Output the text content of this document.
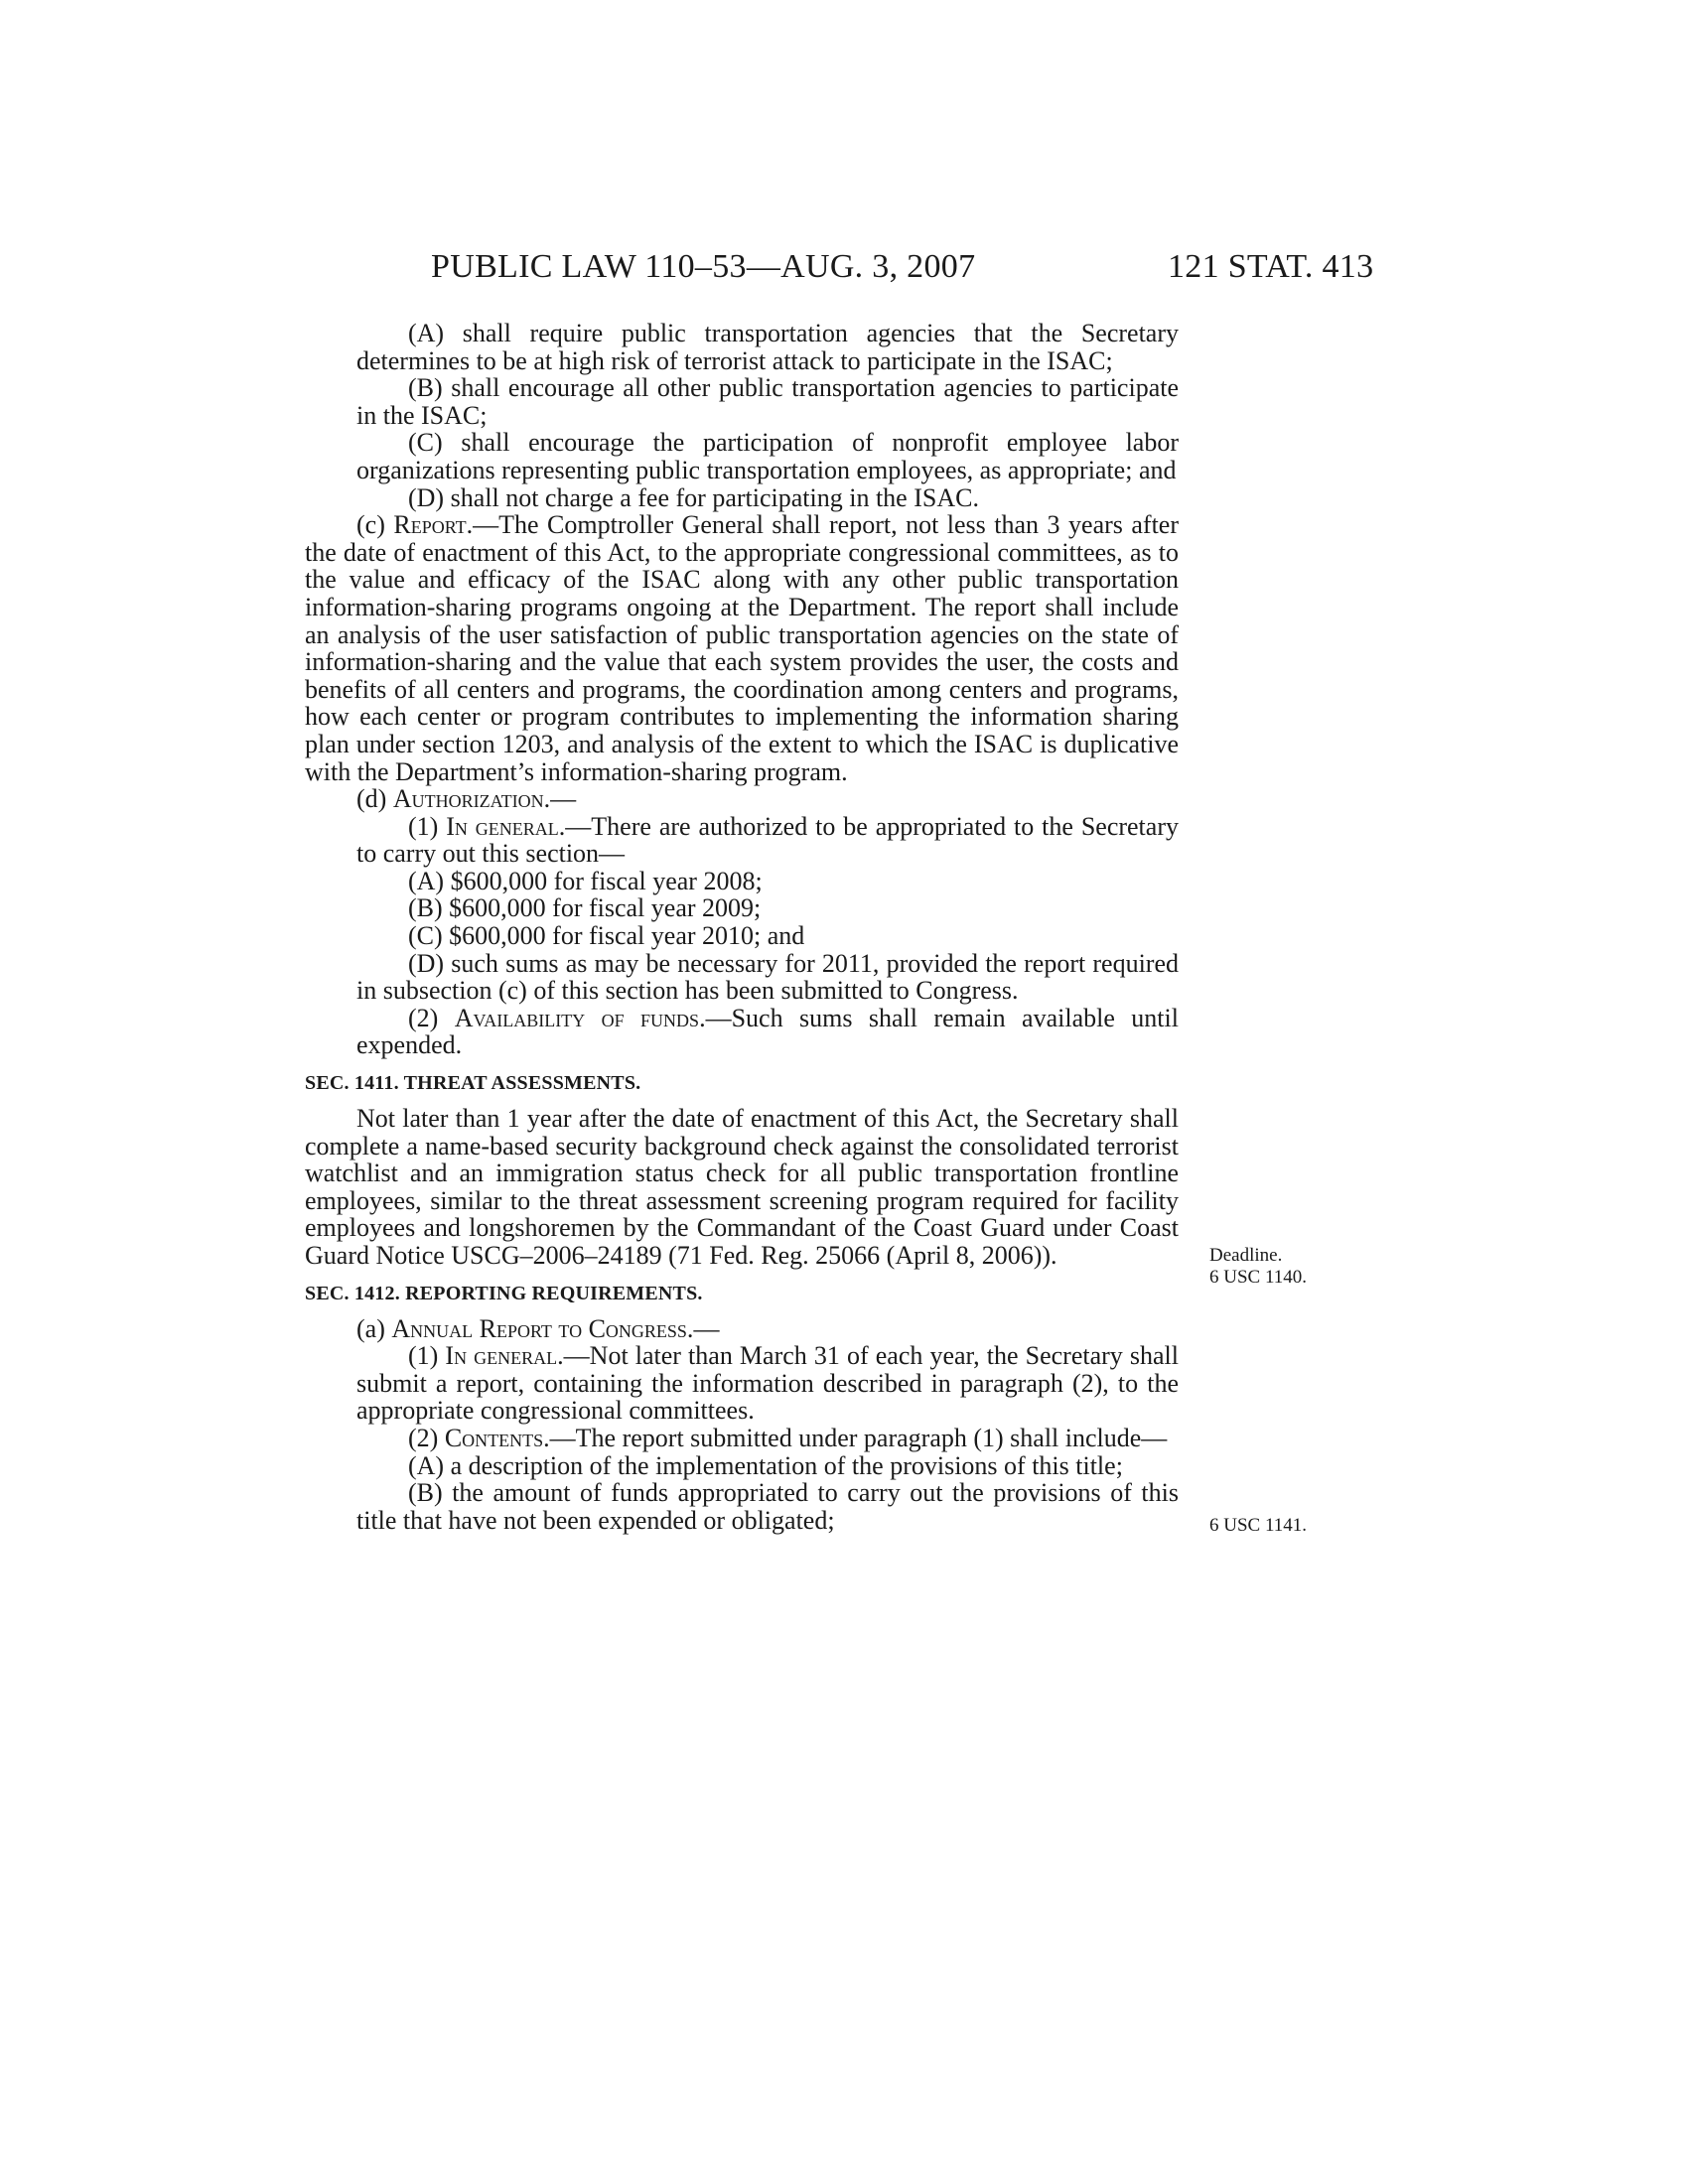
PUBLIC LAW 110–53—AUG. 3, 2007	121 STAT. 413

(A) shall require public transportation agencies that the Secretary determines to be at high risk of terrorist attack to participate in the ISAC;

(B) shall encourage all other public transportation agencies to participate in the ISAC;

(C) shall encourage the participation of nonprofit employee labor organizations representing public transportation employees, as appropriate; and

(D) shall not charge a fee for participating in the ISAC.

(c) Report.—The Comptroller General shall report, not less than 3 years after the date of enactment of this Act, to the appropriate congressional committees, as to the value and efficacy of the ISAC along with any other public transportation information-sharing programs ongoing at the Department. The report shall include an analysis of the user satisfaction of public transportation agencies on the state of information-sharing and the value that each system provides the user, the costs and benefits of all centers and programs, the coordination among centers and programs, how each center or program contributes to implementing the information sharing plan under section 1203, and analysis of the extent to which the ISAC is duplicative with the Department’s information-sharing program.

(d) Authorization.—

(1) In general.—There are authorized to be appropriated to the Secretary to carry out this section—

(A) $600,000 for fiscal year 2008;

(B) $600,000 for fiscal year 2009;

(C) $600,000 for fiscal year 2010; and

(D) such sums as may be necessary for 2011, provided the report required in subsection (c) of this section has been submitted to Congress.

(2) Availability of funds.—Such sums shall remain available until expended.

SEC. 1411. THREAT ASSESSMENTS.

Not later than 1 year after the date of enactment of this Act, the Secretary shall complete a name-based security background check against the consolidated terrorist watchlist and an immigration status check for all public transportation frontline employees, similar to the threat assessment screening program required for facility employees and longshoremen by the Commandant of the Coast Guard under Coast Guard Notice USCG–2006–24189 (71 Fed. Reg. 25066 (April 8, 2006)).

SEC. 1412. REPORTING REQUIREMENTS.

(a) Annual Report to Congress.—

(1) In general.—Not later than March 31 of each year, the Secretary shall submit a report, containing the information described in paragraph (2), to the appropriate congressional committees.

(2) Contents.—The report submitted under paragraph (1) shall include—

(A) a description of the implementation of the provisions of this title;

(B) the amount of funds appropriated to carry out the provisions of this title that have not been expended or obligated;

Deadline.
6 USC 1140.
6 USC 1141.
